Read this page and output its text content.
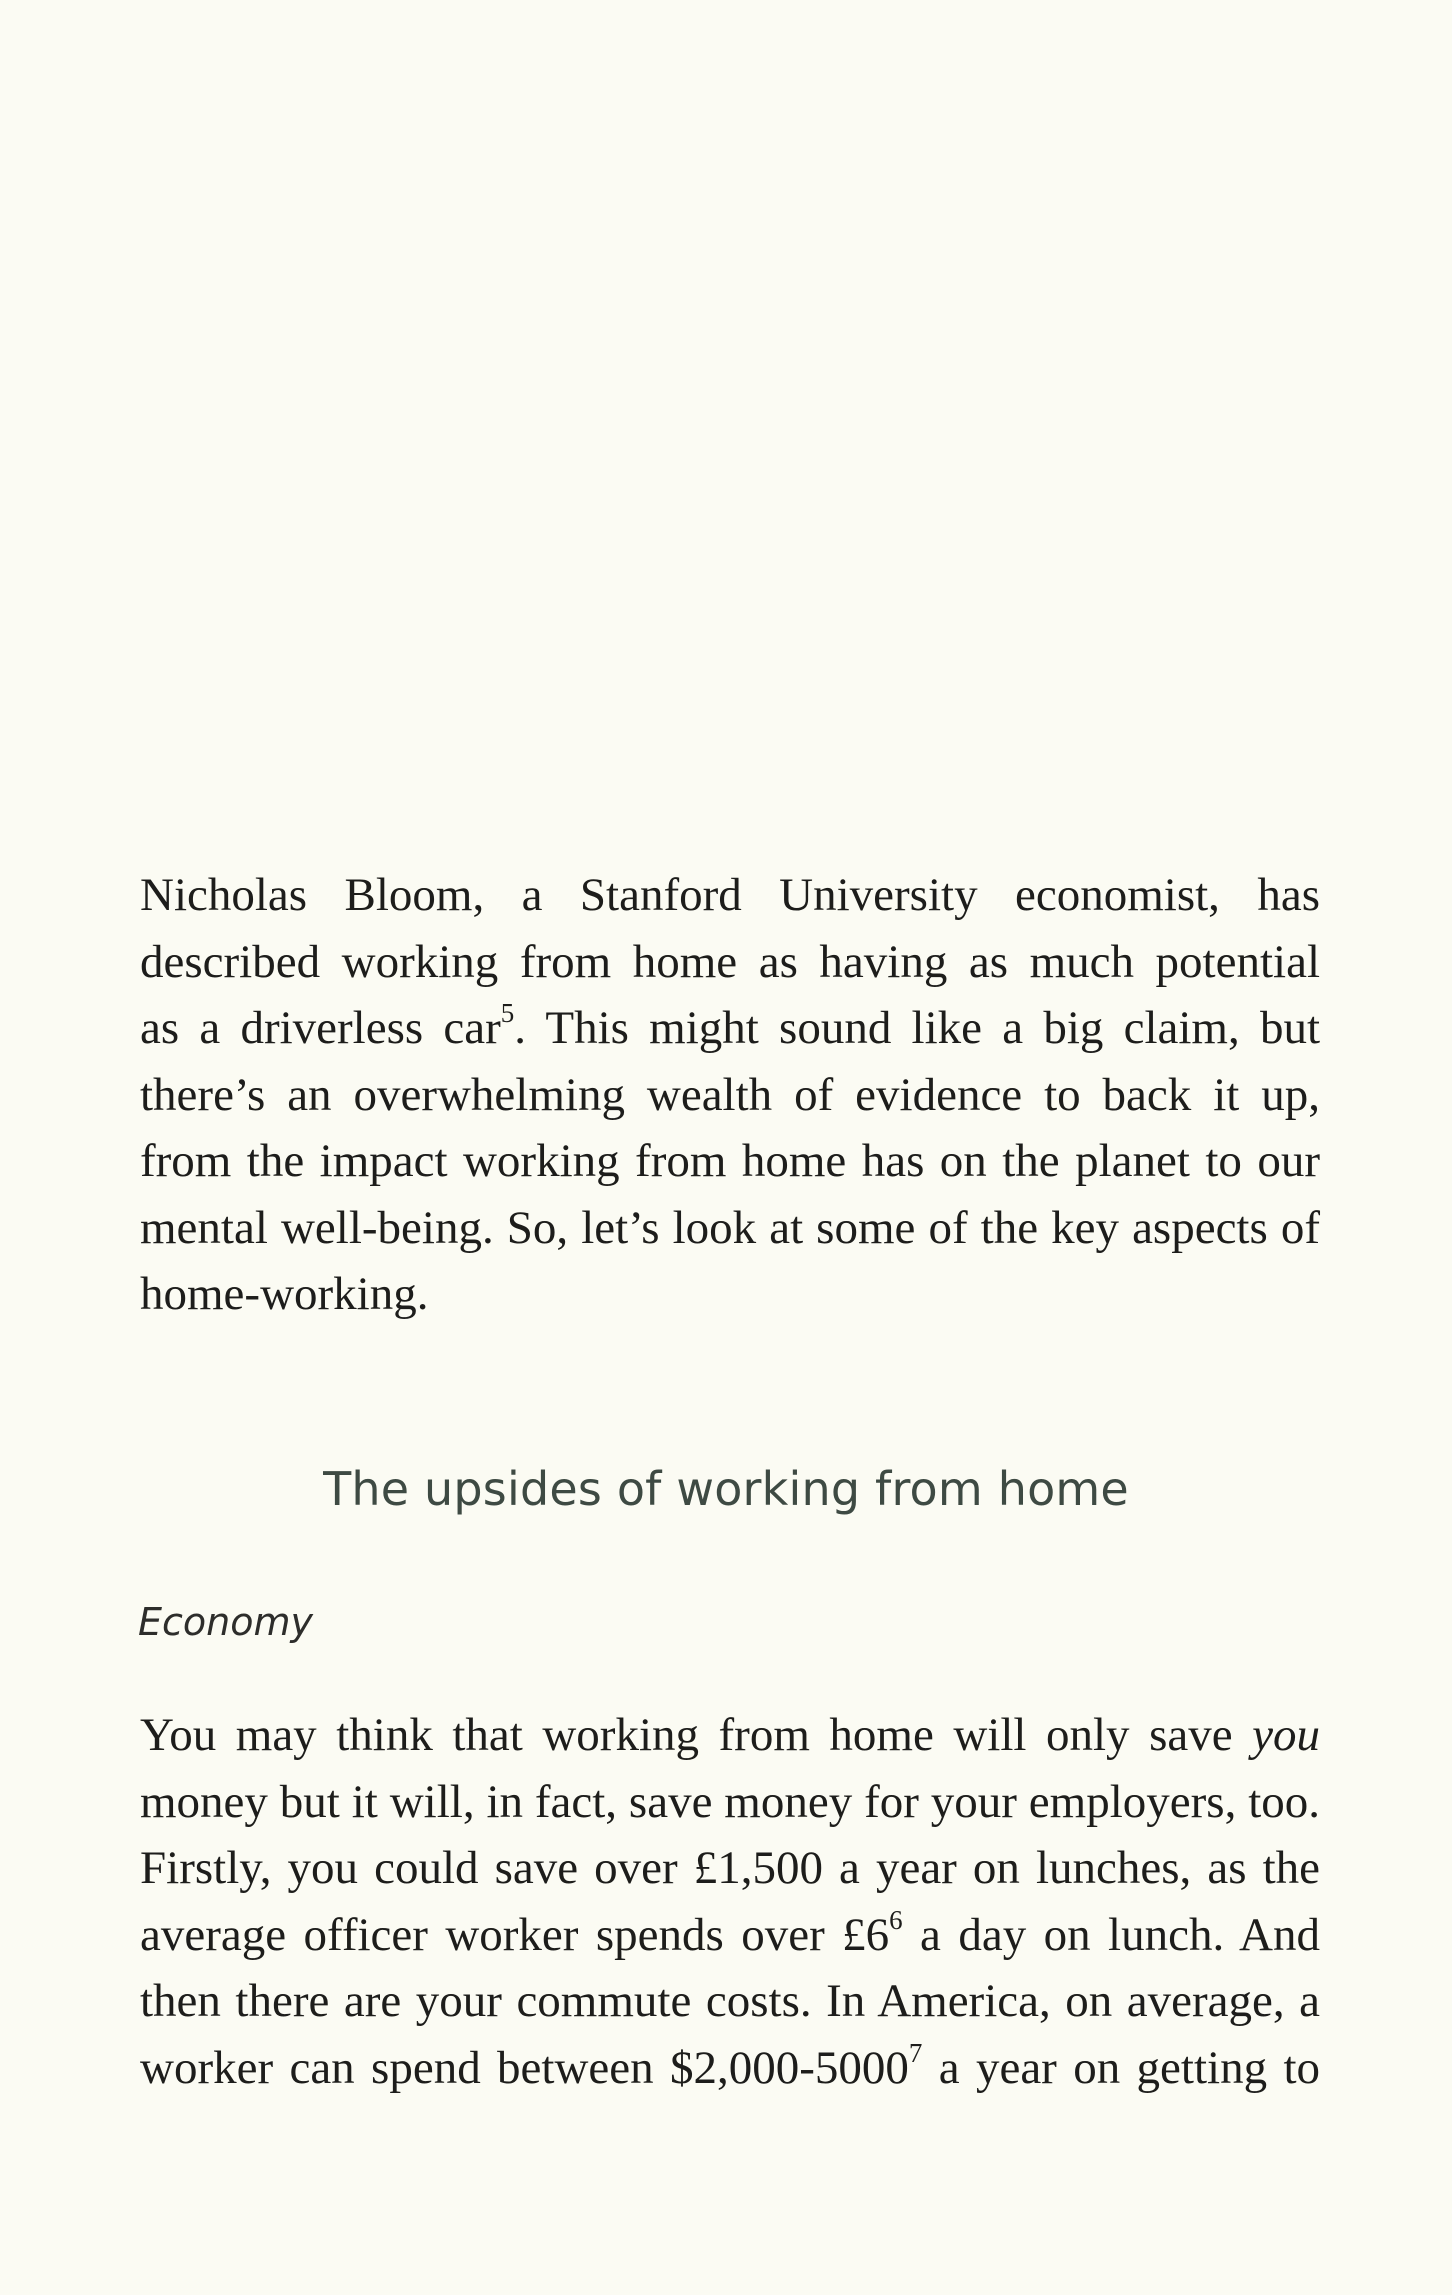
Nicholas Bloom, a Stanford University economist, has
described working from home as having as much potential
as a driverless car$^5$. This might sound like a big claim, but
there’s an overwhelming wealth of evidence to back it up,
from the impact working from home has on the planet to our
mental well-being. So, let’s look at some of the key aspects of
home-working.
The upsides of working from home
Economy
You may think that working from home will only save you
money but it will, in fact, save money for your employers, too.
Firstly, you could save over £1,500 a year on lunches, as the
average officer worker spends over $£6^6$ a day on lunch. And
then there are your commute costs. In America, on average, a
worker can spend between $2,000-5000$^7$ a year on getting to
